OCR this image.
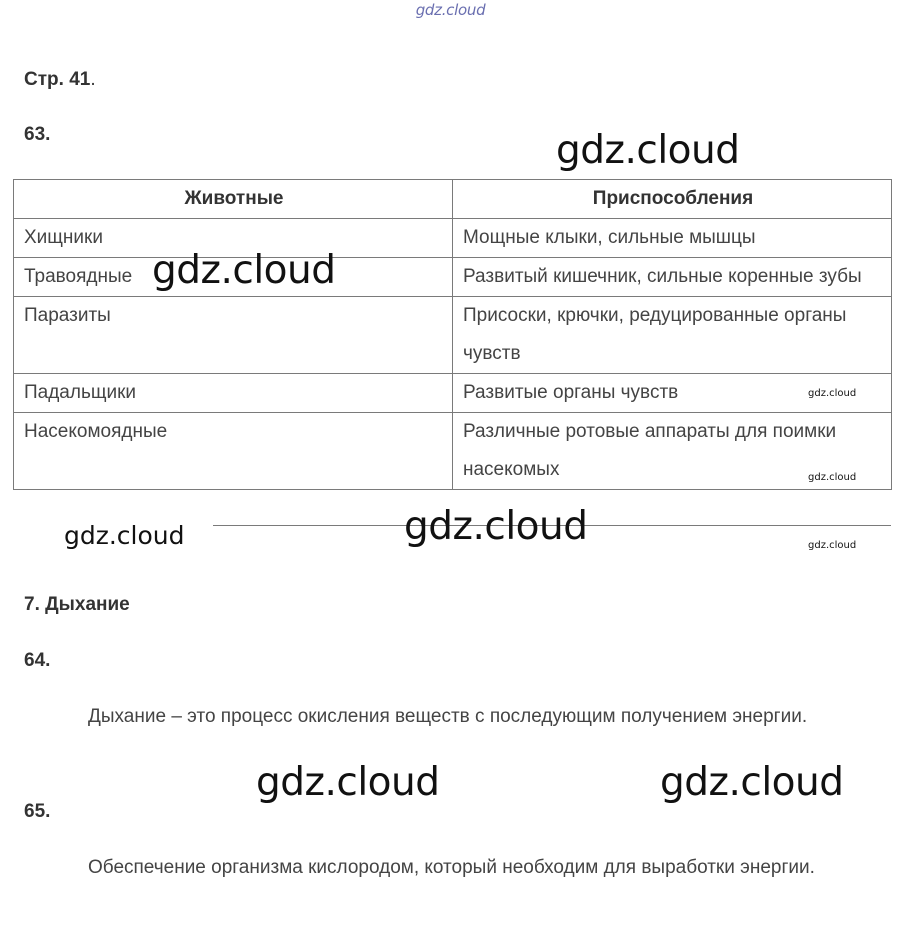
gdz.cloud
Стр. 41.
63.
Животные	Приспособления
Хищники	Мощные клыки, сильные мышцы
Травоядные	Развитый кишечник, сильные коренные зубы
Паразиты	Присоски, крючки, редуцированные органы чувств
Падальщики	Развитые органы чувств
Насекомоядные	Различные ротовые аппараты для поимки насекомых
7. Дыхание
64.
Дыхание – это процесс окисления веществ с последующим получением энергии.
65.
Обеспечение организма кислородом, который необходим для выработки энергии.
gdz.cloud
gdz.cloud
gdz.cloud
gdz.cloud
gdz.cloud	gdz.cloud	gdz.cloud
gdz.cloud	gdz.cloud
